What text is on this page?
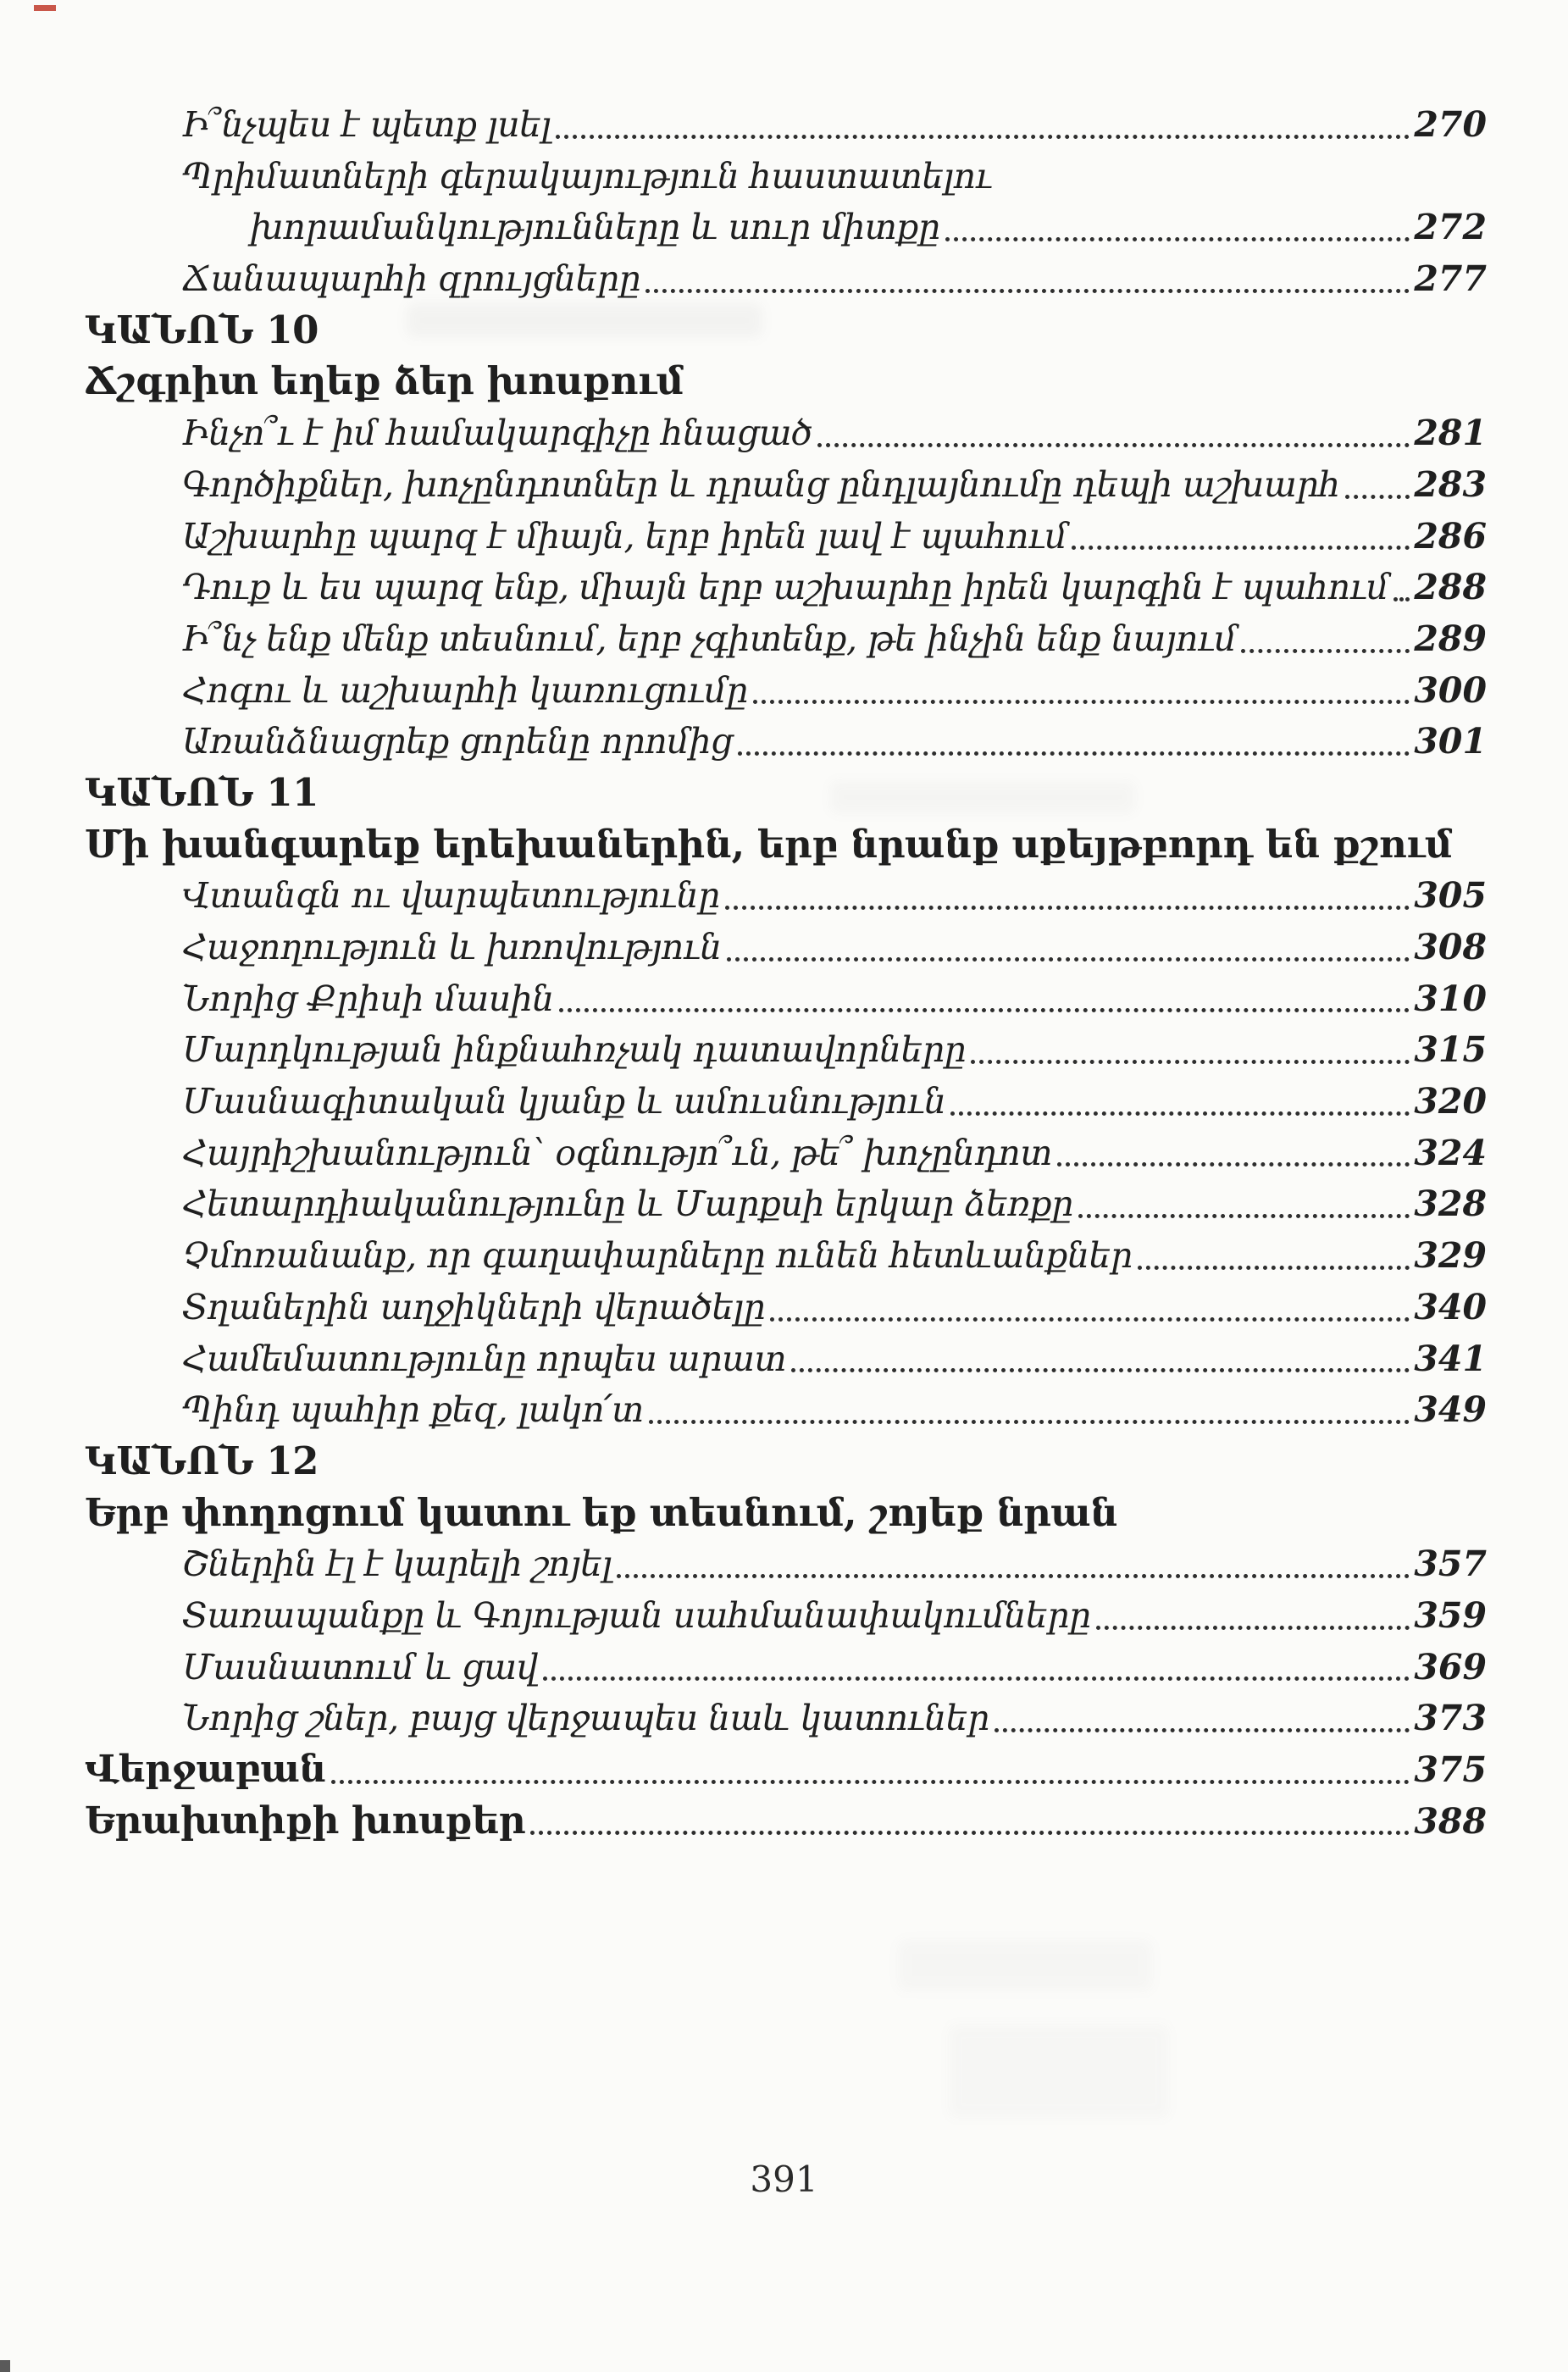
Ի՞նչպես է պետք լսել	270
Պրիմատների գերակայություն հաստատելու
խորամանկությունները և սուր միտքը	272
Ճանապարհի զրույցները	277
ԿԱՆՈՆ 10
Ճշգրիտ եղեք ձեր խոսքում
Ինչո՞ւ է իմ համակարգիչը հնացած	281
Գործիքներ, խոչընդոտներ և դրանց ընդլայնումը դեպի աշխարհ 283
Աշխարհը պարզ է միայն, երբ իրեն լավ է պահում	286
Դուք և ես պարզ ենք, միայն երբ աշխարհը իրեն կարգին է պահում 288
Ի՞նչ ենք մենք տեսնում, երբ չգիտենք, թե ինչին ենք նայում	289
Հոգու և աշխարհի կառուցումը	300
Առանձնացրեք ցորենը որոմից	301
ԿԱՆՈՆ 11
Մի խանգարեք երեխաներին, երբ նրանք սքեյթբորդ են քշում
Վտանգն ու վարպետությունը	305
Հաջողություն և խռովություն	308
Նորից Քրիսի մասին	310
Մարդկության ինքնահռչակ դատավորները	315
Մասնագիտական կյանք և ամուսնություն	320
Հայրիշխանություն՝ օգնությո՞ւն, թե՞ խոչընդոտ	324
Հետարդիականությունը և Մարքսի երկար ձեռքը	328
Չմոռանանք, որ գաղափարները ունեն հետևանքներ	329
Տղաներին աղջիկների վերածելը	340
Համեմատությունը որպես արատ	341
Պինդ պահիր քեզ, լակո՛տ	349
ԿԱՆՈՆ 12
Երբ փողոցում կատու եք տեսնում, շոյեք նրան
Շներին էլ է կարելի շոյել	357
Տառապանքը և Գոյության սահմանափակումները	359
Մասնատում և ցավ	369
Նորից շներ, բայց վերջապես նաև կատուներ	373
Վերջաբան	375
Երախտիքի խոսքեր	388
391
